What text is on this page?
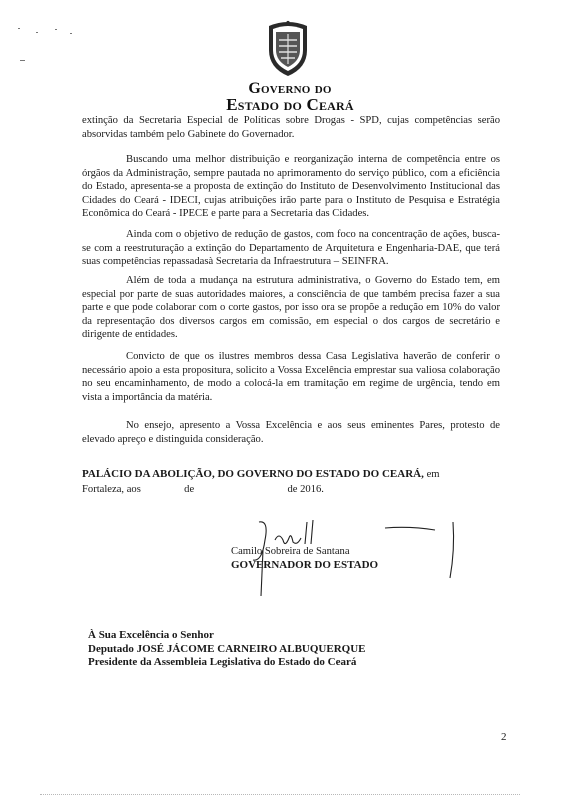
Governo do
Estado do Ceará

extinção da Secretaria Especial de Políticas sobre Drogas - SPD, cujas competências serão absorvidas também pelo Gabinete do Governador.

Buscando uma melhor distribuição e reorganização interna de competência entre os órgãos da Administração, sempre pautada no aprimoramento do serviço público, com a eficiência do Estado, apresenta-se a proposta de extinção do Instituto de Desenvolvimento Institucional das Cidades do Ceará - IDECI, cujas atribuições irão parte para o Instituto de Pesquisa e Estratégia Econômica do Ceará - IPECE e parte para a Secretaria das Cidades.

Ainda com o objetivo de redução de gastos, com foco na concentração de ações, busca-se com a reestruturação a extinção do Departamento de Arquitetura e Engenharia-DAE, que terá suas competências repassadasà Secretaria da Infraestrutura – SEINFRA.

Além de toda a mudança na estrutura administrativa, o Governo do Estado tem, em especial por parte de suas autoridades maiores, a consciência de que também precisa fazer a sua parte e que pode colaborar com o corte gastos, por isso ora se propõe a redução em 10% do valor da representação dos diversos cargos em comissão, em especial o dos cargos de secretário e dirigente de entidades.

Convicto de que os ilustres membros dessa Casa Legislativa haverão de conferir o necessário apoio a esta propositura, solicito a Vossa Excelência emprestar sua valiosa colaboração no seu encaminhamento, de modo a colocá-la em tramitação em regime de urgência, tendo em vista a importância da matéria.

No ensejo, apresento a Vossa Excelência e aos seus eminentes Pares, protesto de elevado apreço e distinguida consideração.

PALÁCIO DA ABOLIÇÃO, DO GOVERNO DO ESTADO DO CEARÁ, em
Fortaleza, aos	de	de 2016.
Camilo Sobreira de Santana
GOVERNADOR DO ESTADO
À Sua Excelência o Senhor
Deputado JOSÉ JÁCOME CARNEIRO ALBUQUERQUE
Presidente da Assembleia Legislativa do Estado do Ceará
2
